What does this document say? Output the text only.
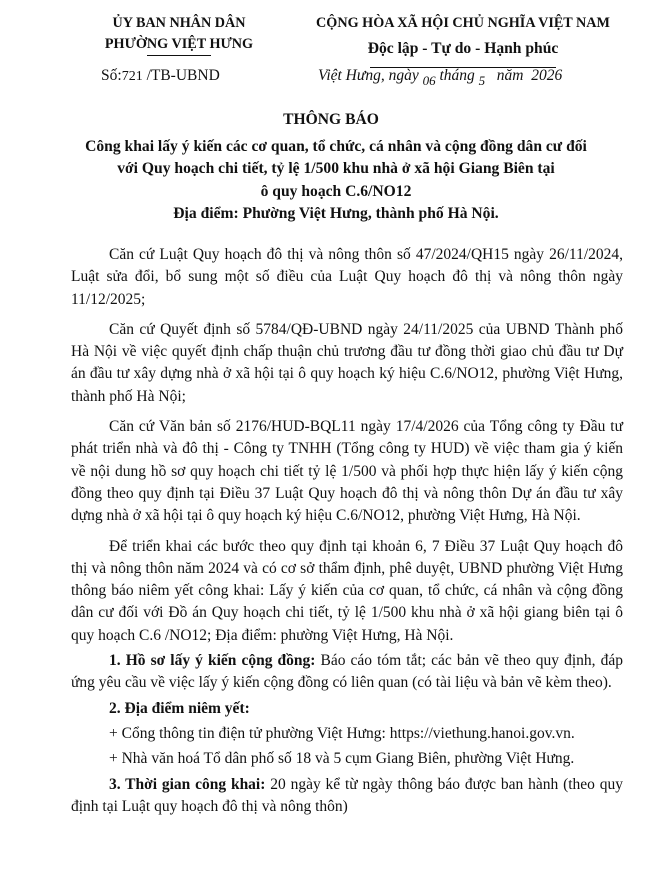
ỦY BAN NHÂN DÂN
PHƯỜNG VIỆT HƯNG
CỘNG HÒA XÃ HỘI CHỦ NGHĨA VIỆT NAM
Độc lập - Tự do - Hạnh phúc
Số:721 /TB-UBND	Việt Hưng, ngày $_{06}$ tháng $_5$   năm  2026
THÔNG BÁO
Công khai lấy ý kiến các cơ quan, tổ chức, cá nhân và cộng đồng dân cư đối
với Quy hoạch chi tiết, tỷ lệ 1/500 khu nhà ở xã hội Giang Biên tại
ô quy hoạch C.6/NO12
Địa điểm: Phường Việt Hưng, thành phố Hà Nội.

Căn cứ Luật Quy hoạch đô thị và nông thôn số 47/2024/QH15 ngày 26/11/2024, Luật sửa đổi, bổ sung một số điều của Luật Quy hoạch đô thị và nông thôn ngày 11/12/2025;

Căn cứ Quyết định số 5784/QĐ-UBND ngày 24/11/2025 của UBND Thành phố Hà Nội về việc quyết định chấp thuận chủ trương đầu tư đồng thời giao chủ đầu tư Dự án đầu tư xây dựng nhà ở xã hội tại ô quy hoạch ký hiệu C.6/NO12, phường Việt Hưng, thành phố Hà Nội;

Căn cứ Văn bản số 2176/HUD-BQL11 ngày 17/4/2026 của Tổng công ty Đầu tư phát triển nhà và đô thị - Công ty TNHH (Tổng công ty HUD) về việc tham gia ý kiến về nội dung hồ sơ quy hoạch chi tiết tỷ lệ 1/500 và phối hợp thực hiện lấy ý kiến cộng đồng theo quy định tại Điều 37 Luật Quy hoạch đô thị và nông thôn Dự án đầu tư xây dựng nhà ở xã hội tại ô quy hoạch ký hiệu C.6/NO12, phường Việt Hưng, Hà Nội.

Để triển khai các bước theo quy định tại khoản 6, 7 Điều 37 Luật Quy hoạch đô thị và nông thôn năm 2024 và có cơ sở thẩm định, phê duyệt, UBND phường Việt Hưng thông báo niêm yết công khai: Lấy ý kiến của cơ quan, tổ chức, cá nhân và cộng đồng dân cư đối với Đồ án Quy hoạch chi tiết, tỷ lệ 1/500 khu nhà ở xã hội giang biên tại ô quy hoạch C.6 /NO12; Địa điểm: phường Việt Hưng, Hà Nội.

1. Hồ sơ lấy ý kiến cộng đồng: Báo cáo tóm tắt; các bản vẽ theo quy định, đáp ứng yêu cầu về việc lấy ý kiến cộng đồng có liên quan (có tài liệu và bản vẽ kèm theo).

2. Địa điểm niêm yết:

+ Cổng thông tin điện tử phường Việt Hưng: https://viethung.hanoi.gov.vn.

+ Nhà văn hoá Tổ dân phố số 18 và 5 cụm Giang Biên, phường Việt Hưng.

3. Thời gian công khai: 20 ngày kể từ ngày thông báo được ban hành (theo quy định tại Luật quy hoạch đô thị và nông thôn)
